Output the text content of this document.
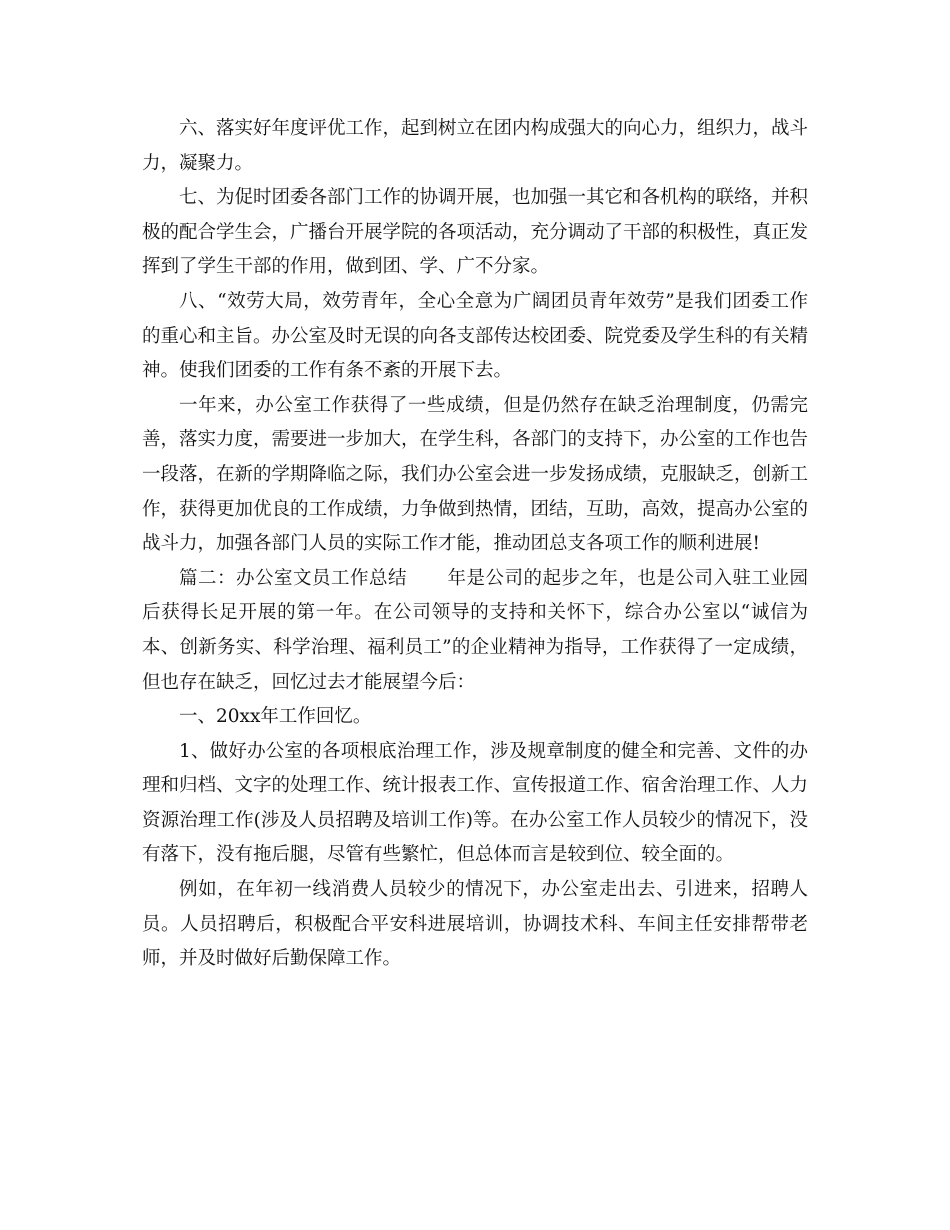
六、落实好年度评优工作，起到树立在团内构成强大的向心力，组织力，战斗力，凝聚力。

七、为促时团委各部门工作的协调开展，也加强一其它和各机构的联络，并积极的配合学生会，广播台开展学院的各项活动，充分调动了干部的积极性，真正发挥到了学生干部的作用，做到团、学、广不分家。

八、“效劳大局，效劳青年，全心全意为广阔团员青年效劳”是我们团委工作的重心和主旨。办公室及时无误的向各支部传达校团委、院党委及学生科的有关精神。使我们团委的工作有条不紊的开展下去。

一年来，办公室工作获得了一些成绩，但是仍然存在缺乏治理制度，仍需完善，落实力度，需要进一步加大，在学生科，各部门的支持下，办公室的工作也告一段落，在新的学期降临之际，我们办公室会进一步发扬成绩，克服缺乏，创新工作，获得更加优良的工作成绩，力争做到热情，团结，互助，高效，提高办公室的战斗力，加强各部门人员的实际工作才能，推动团总支各项工作的顺利进展!

篇二：办公室文员工作总结 年是公司的起步之年，也是公司入驻工业园后获得长足开展的第一年。在公司领导的支持和关怀下，综合办公室以“诚信为本、创新务实、科学治理、福利员工”的企业精神为指导，工作获得了一定成绩，但也存在缺乏，回忆过去才能展望今后：

一、20xx年工作回忆。

1、做好办公室的各项根底治理工作，涉及规章制度的健全和完善、文件的办理和归档、文字的处理工作、统计报表工作、宣传报道工作、宿舍治理工作、人力资源治理工作(涉及人员招聘及培训工作)等。在办公室工作人员较少的情况下，没有落下，没有拖后腿，尽管有些繁忙，但总体而言是较到位、较全面的。

例如，在年初一线消费人员较少的情况下，办公室走出去、引进来，招聘人员。人员招聘后，积极配合平安科进展培训，协调技术科、车间主任安排帮带老师，并及时做好后勤保障工作。
